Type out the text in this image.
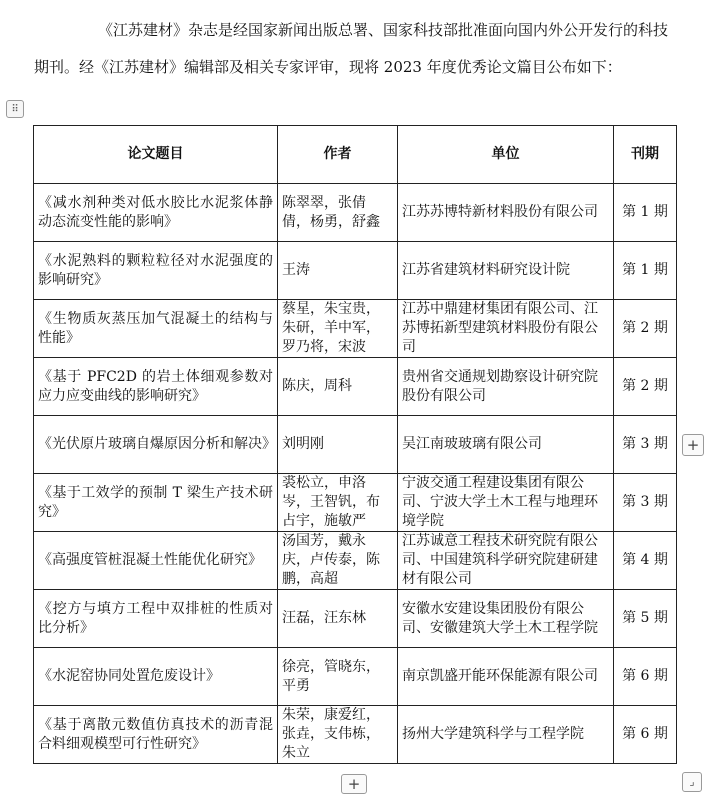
《江苏建材》杂志是经国家新闻出版总署、国家科技部批准面向国内外公开发行的科技期刊。经《江苏建材》编辑部及相关专家评审，现将 2023 年度优秀论文篇目公布如下：
⠿
论文题目	作者	单位	刊期
《减水剂种类对低水胶比水泥浆体静动态流变性能的影响》	陈翠翠，张倩倩，杨勇，舒鑫	江苏苏博特新材料股份有限公司	第 1 期
《水泥熟料的颗粒粒径对水泥强度的影响研究》	王涛	江苏省建筑材料研究设计院	第 1 期
《生物质灰蒸压加气混凝土的结构与性能》	蔡星，朱宝贵，朱研，羊中军，罗乃将，宋波	江苏中鼎建材集团有限公司、江苏博拓新型建筑材料股份有限公司	第 2 期
《基于 PFC2D 的岩土体细观参数对应力应变曲线的影响研究》	陈庆，周科	贵州省交通规划勘察设计研究院股份有限公司	第 2 期
《光伏原片玻璃自爆原因分析和解决》	刘明刚	吴江南玻玻璃有限公司	第 3 期
《基于工效学的预制 T 梁生产技术研究》	裘松立，申洛岑，王智钒，布占宇，施敏严	宁波交通工程建设集团有限公司、宁波大学土木工程与地理环境学院	第 3 期
《高强度管桩混凝土性能优化研究》	汤国芳，戴永庆，卢传泰，陈鹏，高超	江苏诚意工程技术研究院有限公司、中国建筑科学研究院建研建材有限公司	第 4 期
《挖方与填方工程中双排桩的性质对比分析》	汪磊，汪东林	安徽水安建设集团股份有限公司、安徽建筑大学土木工程学院	第 5 期
《水泥窑协同处置危废设计》	徐亮，管晓东，平勇	南京凯盛开能环保能源有限公司	第 6 期
《基于离散元数值仿真技术的沥青混合料细观模型可行性研究》	朱荣，康爱红，张垚，支伟栋，朱立	扬州大学建筑科学与工程学院	第 6 期
+
+	⌟
